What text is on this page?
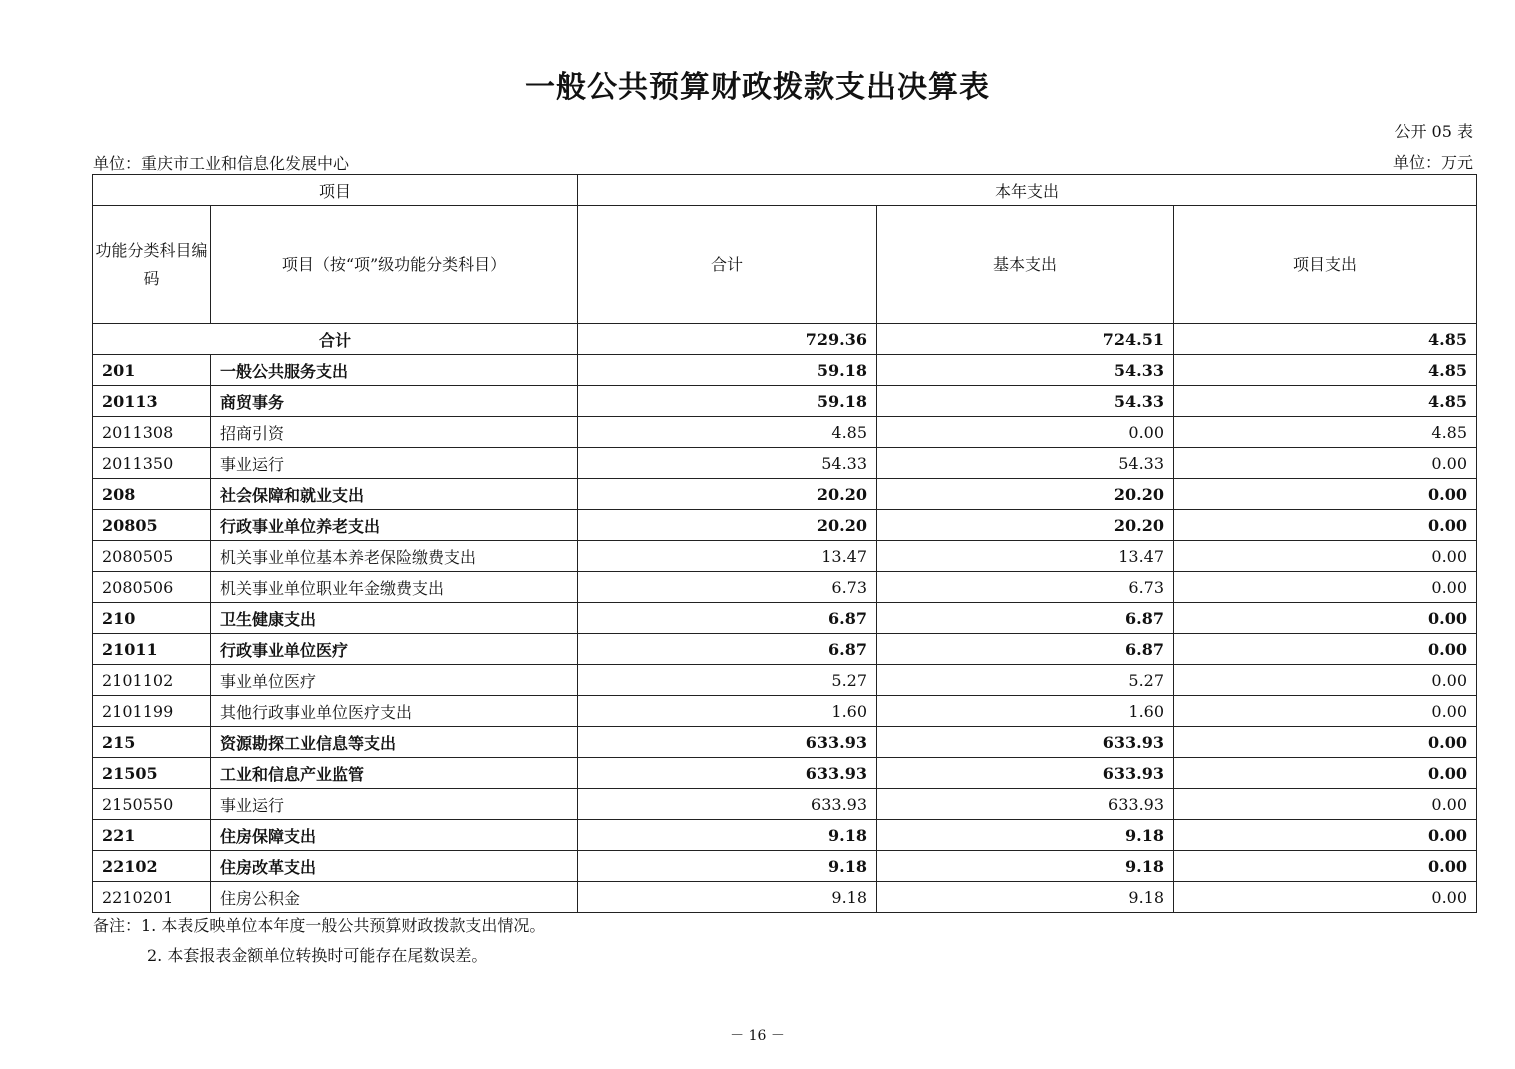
一般公共预算财政拨款支出决算表
公开 05 表
单位：重庆市工业和信息化发展中心	单位：万元
项目		本年支出		
功能分类科目编码	项目（按“项”级功能分类科目）	合计	基本支出	项目支出
合计		729.36	724.51	4.85
201	一般公共服务支出	59.18	54.33	4.85
20113	商贸事务	59.18	54.33	4.85
2011308	招商引资	4.85	0.00	4.85
2011350	事业运行	54.33	54.33	0.00
208	社会保障和就业支出	20.20	20.20	0.00
20805	行政事业单位养老支出	20.20	20.20	0.00
2080505	机关事业单位基本养老保险缴费支出	13.47	13.47	0.00
2080506	机关事业单位职业年金缴费支出	6.73	6.73	0.00
210	卫生健康支出	6.87	6.87	0.00
21011	行政事业单位医疗	6.87	6.87	0.00
2101102	事业单位医疗	5.27	5.27	0.00
2101199	其他行政事业单位医疗支出	1.60	1.60	0.00
215	资源勘探工业信息等支出	633.93	633.93	0.00
21505	工业和信息产业监管	633.93	633.93	0.00
2150550	事业运行	633.93	633.93	0.00
221	住房保障支出	9.18	9.18	0.00
22102	住房改革支出	9.18	9.18	0.00
2210201	住房公积金	9.18	9.18	0.00
备注：1. 本表反映单位本年度一般公共预算财政拨款支出情况。
2. 本套报表金额单位转换时可能存在尾数误差。
－ 16 －
